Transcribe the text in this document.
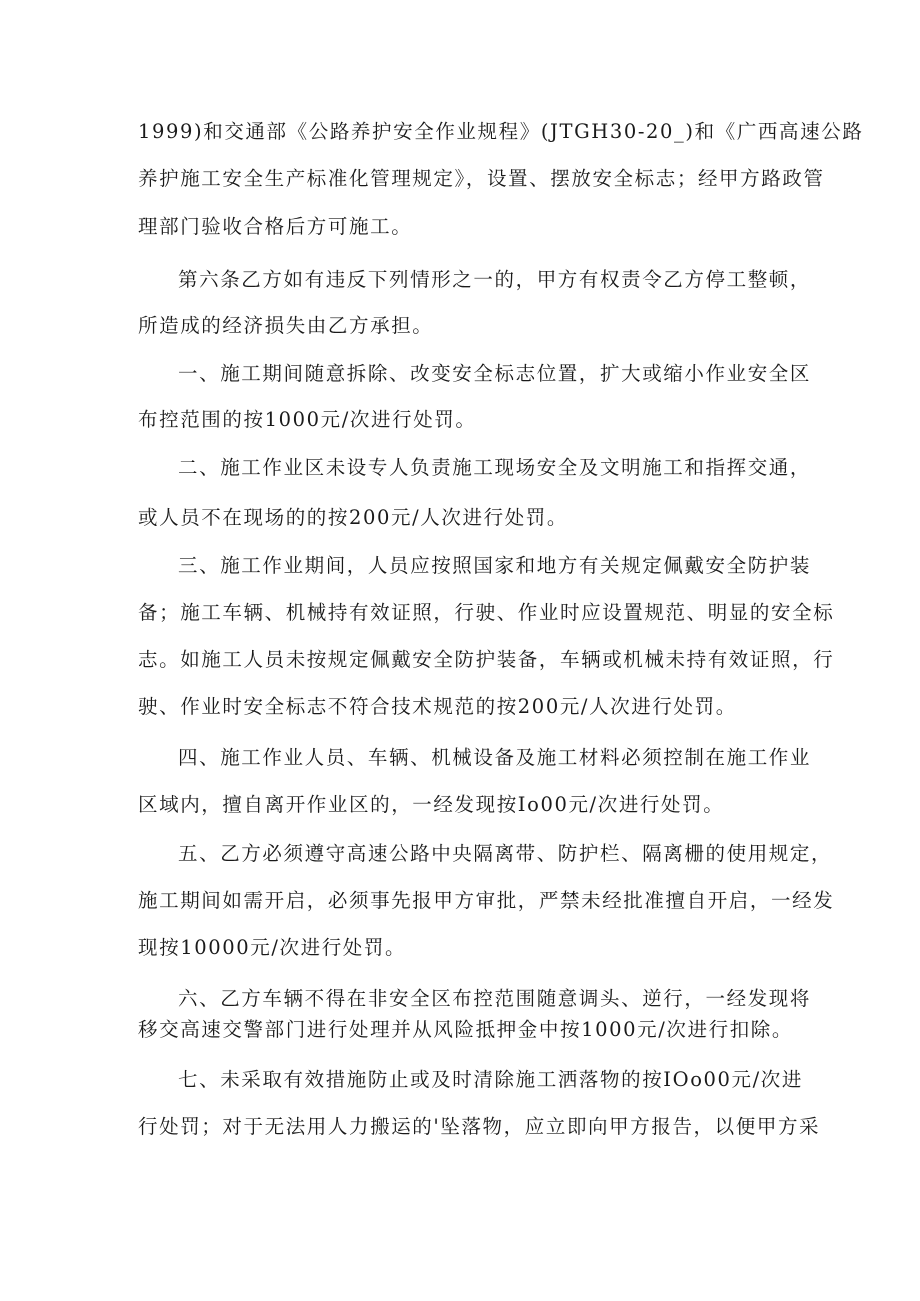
1999)和交通部《公路养护安全作业规程》(JTGH30-20_)和《广西高速公路
养护施工安全生产标准化管理规定》，设置、摆放安全标志；经甲方路政管
理部门验收合格后方可施工。
第六条乙方如有违反下列情形之一的，甲方有权责令乙方停工整顿，
所造成的经济损失由乙方承担。
一、施工期间随意拆除、改变安全标志位置，扩大或缩小作业安全区
布控范围的按1000元/次进行处罚。
二、施工作业区未设专人负责施工现场安全及文明施工和指挥交通，
或人员不在现场的的按200元/人次进行处罚。
三、施工作业期间，人员应按照国家和地方有关规定佩戴安全防护装
备；施工车辆、机械持有效证照，行驶、作业时应设置规范、明显的安全标
志。如施工人员未按规定佩戴安全防护装备，车辆或机械未持有效证照，行
驶、作业时安全标志不符合技术规范的按200元/人次进行处罚。
四、施工作业人员、车辆、机械设备及施工材料必须控制在施工作业
区域内，擅自离开作业区的，一经发现按Io00元/次进行处罚。
五、乙方必须遵守高速公路中央隔离带、防护栏、隔离栅的使用规定，
施工期间如需开启，必须事先报甲方审批，严禁未经批准擅自开启，一经发
现按10000元/次进行处罚。
六、乙方车辆不得在非安全区布控范围随意调头、逆行，一经发现将
移交高速交警部门进行处理并从风险抵押金中按1000元/次进行扣除。
七、未采取有效措施防止或及时清除施工洒落物的按IOo00元/次进
行处罚；对于无法用人力搬运的'坠落物，应立即向甲方报告，以便甲方采
